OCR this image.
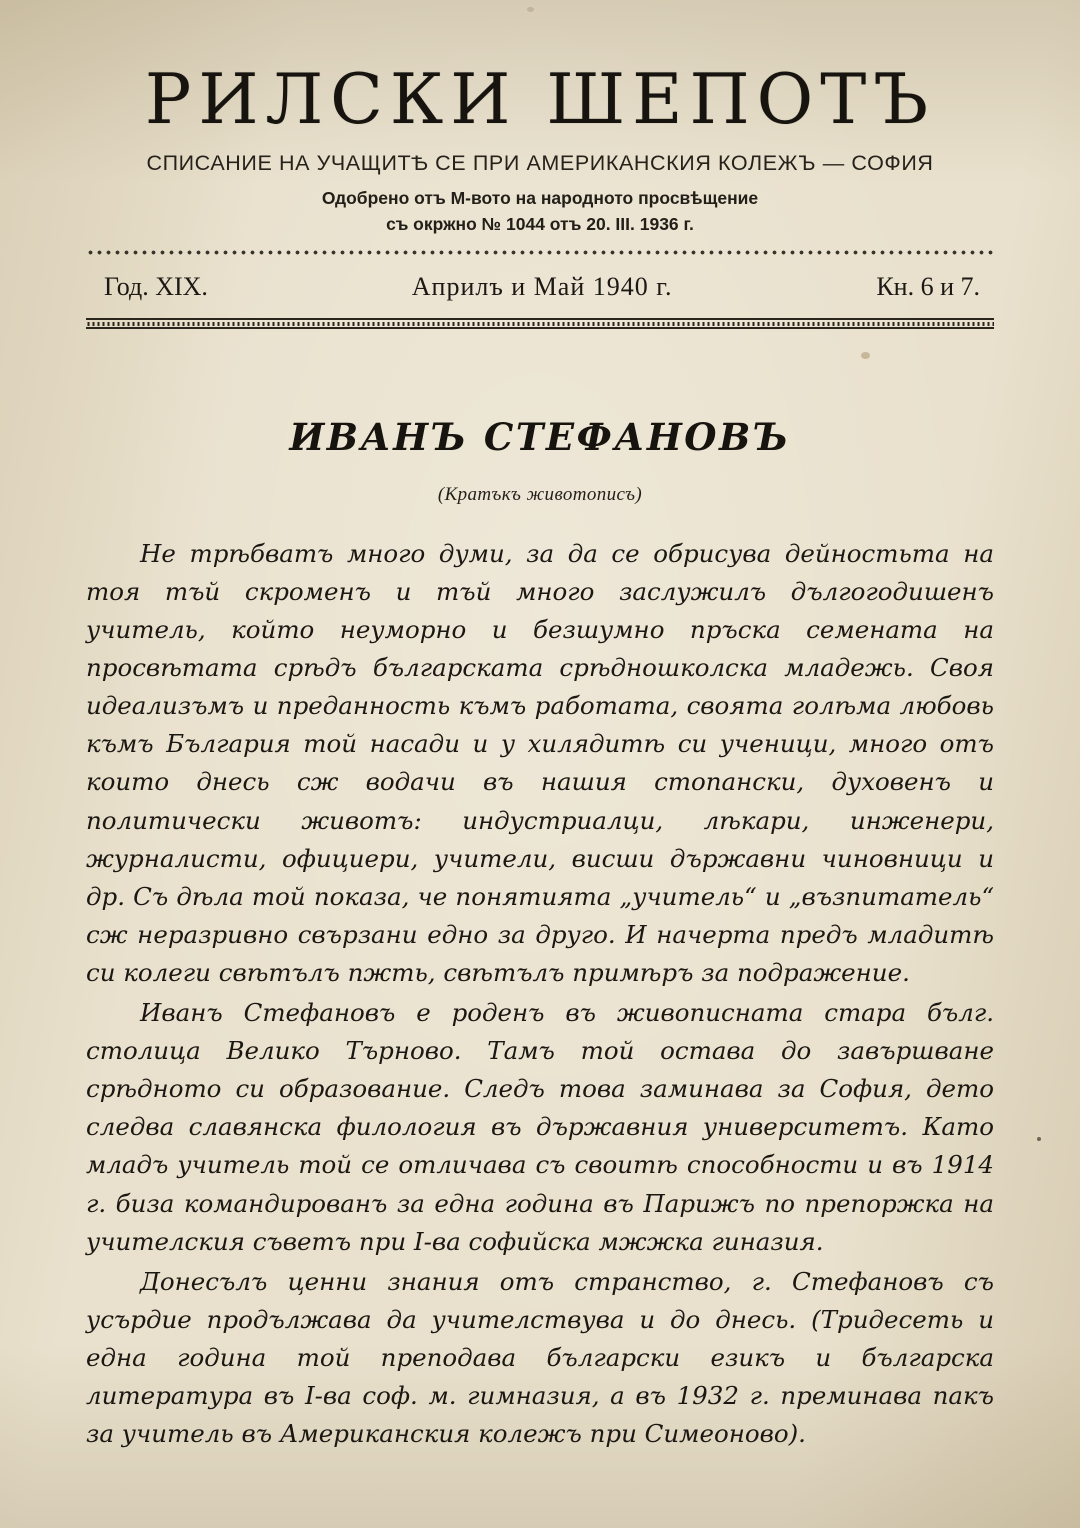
РИЛСКИ ШЕПОТЪ
СПИСАНИЕ НА УЧАЩИТѢ СЕ ПРИ АМЕРИКАНСКИЯ КОЛЕЖЪ — СОФИЯ
Одобрено отъ М-вото на народното просвѣщение
съ окржно № 1044 отъ 20. III. 1936 г.
Год. XIX.	Априлъ и Май 1940 г.	Кн. 6 и 7.
ИВАНЪ СТЕФАНОВЪ
(Кратъкъ животописъ)

Не трѣбватъ много думи, за да се обрисува дейностьта на тоя тъй скроменъ и тъй много заслужилъ дългогодишенъ учитель, който неуморно и безшумно пръска семената на просвѣтата срѣдъ българската срѣдношколска младежь. Своя идеализъмъ и преданность къмъ работата, своята голѣма любовь къмъ България той насади и у хилядитѣ си ученици, много отъ които днесь сж водачи въ нашия стопански, духовенъ и политически животъ: индустриалци, лѣкари, инженери, журналисти, официери, учители, висши държавни чиновници и др. Съ дѣла той показа, че понятията „учитель“ и „възпитатель“ сж неразривно свързани едно за друго. И начерта предъ младитѣ си колеги свѣтълъ пжть, свѣтълъ примѣръ за подражение.

Иванъ Стефановъ е роденъ въ живописната стара бълг. столица Велико Търново. Тамъ той остава до завършване срѣдното си образование. Следъ това заминава за София, дето следва славянска филология въ държавния университетъ. Като младъ учитель той се отличава съ своитѣ способности и въ 1914 г. биза командированъ за една година въ Парижъ по препоржка на учителския съветъ при I-ва софийска мжжка гиназия.

Донесълъ ценни знания отъ странство, г. Стефановъ съ усърдие продължава да учителствува и до днесь. (Тридесеть и една година той преподава български езикъ и българска литература въ I-ва соф. м. гимназия, а въ 1932 г. преминава пакъ за учитель въ Американския колежъ при Симеоново).
